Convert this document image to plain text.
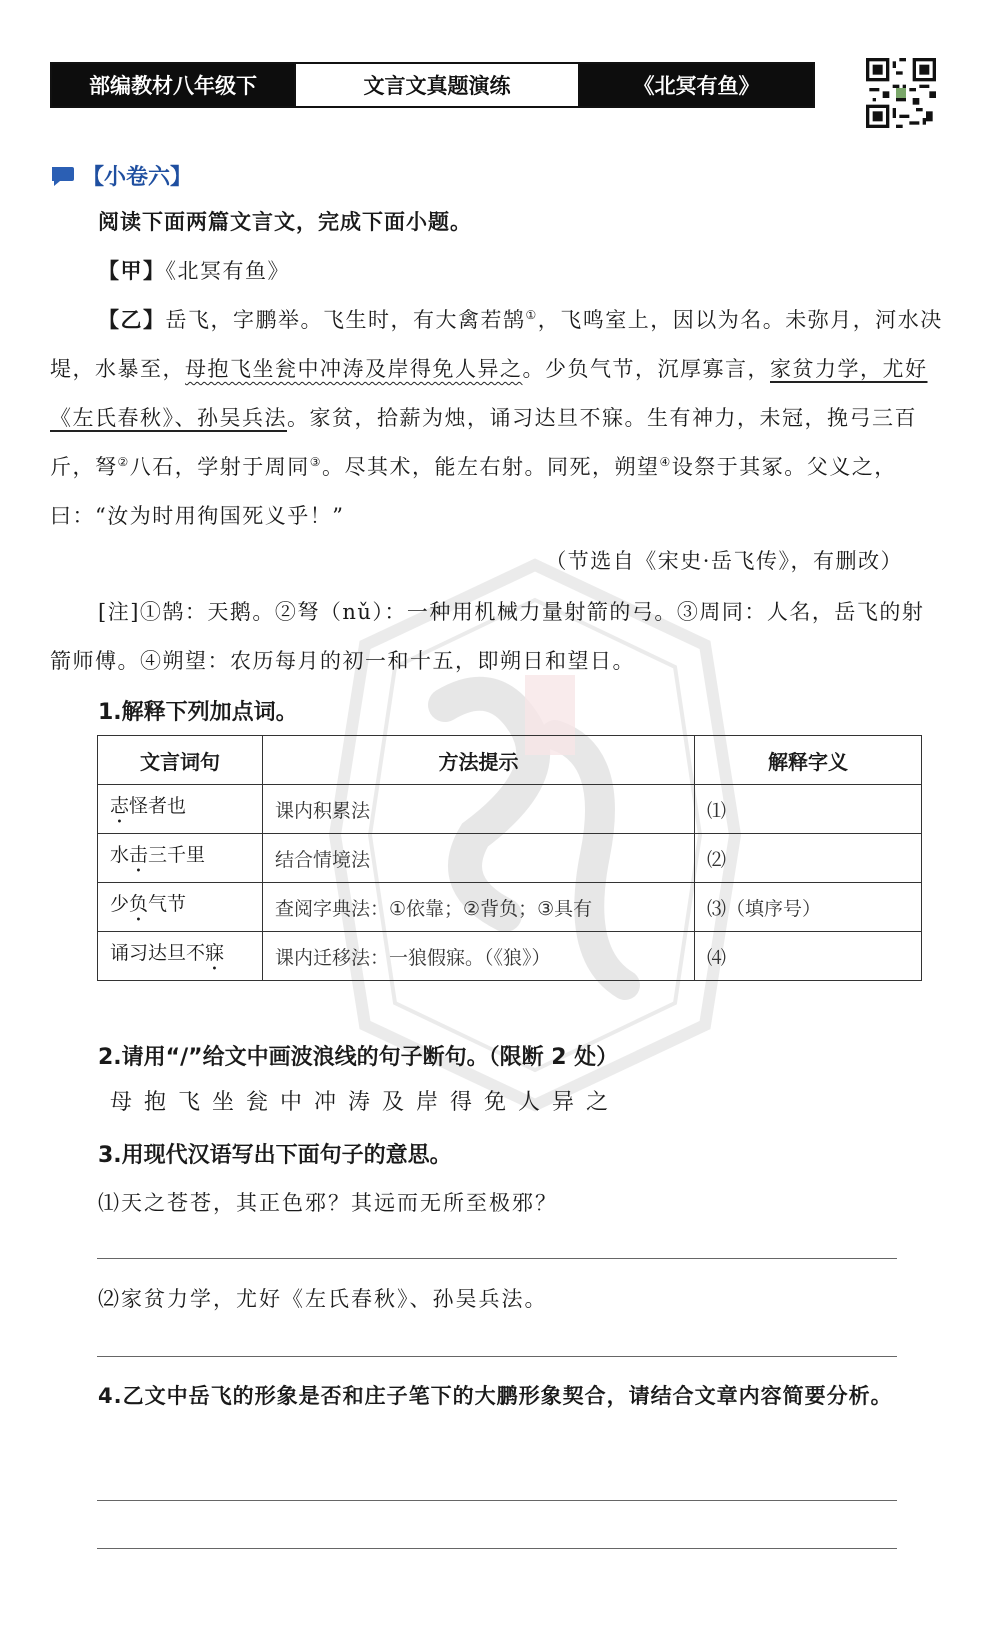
部编教材八年级下	文言文真题演练	《北冥有鱼》
【小卷六】
阅读下面两篇文言文，完成下面小题。
【甲】《北冥有鱼》
【乙】岳飞，字鹏举。飞生时，有大禽若鹄①，飞鸣室上，因以为名。未弥月，河水决堤，水暴至，母抱飞坐瓮中冲涛及岸得免人异之。少负气节，沉厚寡言，家贫力学，尤好《左氏春秋》、孙吴兵法。家贫，拾薪为烛，诵习达旦不寐。生有神力，未冠，挽弓三百斤，弩②八石，学射于周同③。尽其术，能左右射。同死，朔望④设祭于其冢。父义之，曰：“汝为时用徇国死义乎！”
（节选自《宋史·岳飞传》，有删改）
[注]①鹄：天鹅。②弩（nǔ）：一种用机械力量射箭的弓。③周同：人名，岳飞的射箭师傅。④朔望：农历每月的初一和十五，即朔日和望日。
1.解释下列加点词。
文言词句	方法提示	解释字义
志怪者也	课内积累法	⑴
水击三千里	结合情境法	⑵
少负气节	查阅字典法：①依靠；②背负；③具有	⑶（填序号）
诵习达旦不寐	课内迁移法：一狼假寐。（《狼》）	⑷
2.请用“/”给文中画波浪线的句子断句。（限断 2 处）
母抱飞坐瓮中冲涛及岸得免人异之
3.用现代汉语写出下面句子的意思。
⑴天之苍苍，其正色邪？其远而无所至极邪？
⑵家贫力学，尤好《左氏春秋》、孙吴兵法。
4.乙文中岳飞的形象是否和庄子笔下的大鹏形象契合，请结合文章内容简要分析。
